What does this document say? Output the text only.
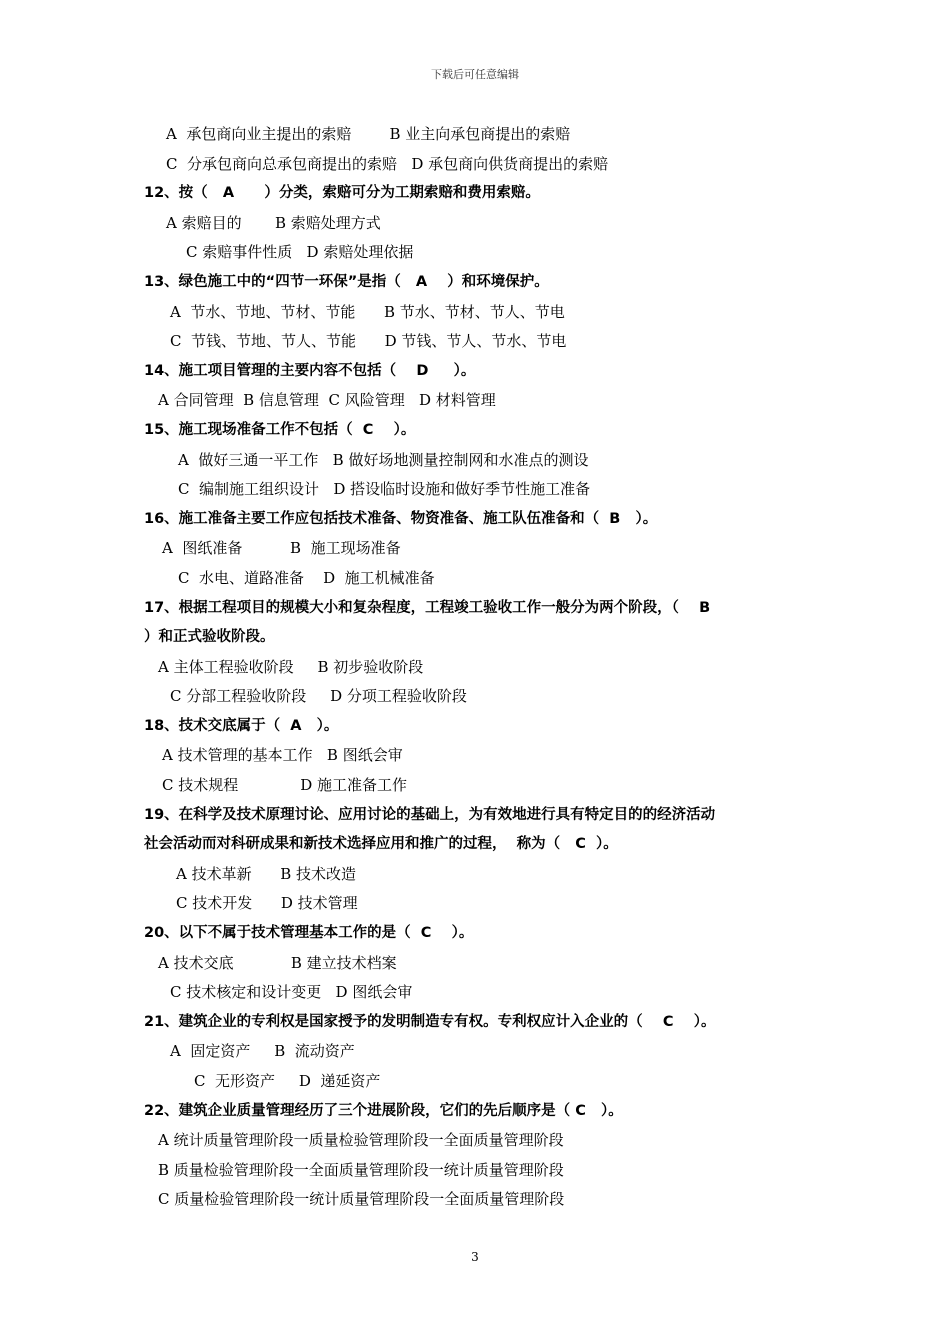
下载后可任意编辑
A  承包商向业主提出的索赔        B 业主向承包商提出的索赔
C  分承包商向总承包商提出的索赔   D 承包商向供货商提出的索赔
12、按（   A      ）分类，索赔可分为工期索赔和费用索赔。
A 索赔目的       B 索赔处理方式
C 索赔事件性质   D 索赔处理依据
13、绿色施工中的“四节一环保”是指（   A    ）和环境保护。
A  节水、节地、节材、节能      B 节水、节材、节人、节电
C  节钱、节地、节人、节能      D 节钱、节人、节水、节电
14、施工项目管理的主要内容不包括（    D     ）。
A 合同管理  B 信息管理  C 风险管理   D 材料管理
15、施工现场准备工作不包括（  C    ）。
A  做好三通一平工作   B 做好场地测量控制网和水准点的测设
C  编制施工组织设计   D 搭设临时设施和做好季节性施工准备
16、施工准备主要工作应包括技术准备、物资准备、施工队伍准备和（  B   ）。
A  图纸准备          B  施工现场准备
C  水电、道路准备    D  施工机械准备
17、根据工程项目的规模大小和复杂程度，工程竣工验收工作一般分为两个阶段，（    B
）和正式验收阶段。
A 主体工程验收阶段     B 初步验收阶段
C 分部工程验收阶段     D 分项工程验收阶段
18、技术交底属于（  A   ）。
A 技术管理的基本工作   B 图纸会审
C 技术规程             D 施工准备工作
19、在科学及技术原理讨论、应用讨论的基础上，为有效地进行具有特定目的的经济活动
社会活动而对科研成果和新技术选择应用和推广的过程，  称为（   C  ）。
A 技术革新      B 技术改造
C 技术开发      D 技术管理
20、以下不属于技术管理基本工作的是（  C    ）。
A 技术交底            B 建立技术档案
C 技术核定和设计变更   D 图纸会审
21、建筑企业的专利权是国家授予的发明制造专有权。专利权应计入企业的（    C    ）。
A  固定资产     B  流动资产
C  无形资产     D  递延资产
22、建筑企业质量管理经历了三个进展阶段，它们的先后顺序是（ C   ）。
A 统计质量管理阶段一质量检验管理阶段一全面质量管理阶段
B 质量检验管理阶段一全面质量管理阶段一统计质量管理阶段
C 质量检验管理阶段一统计质量管理阶段一全面质量管理阶段
3
